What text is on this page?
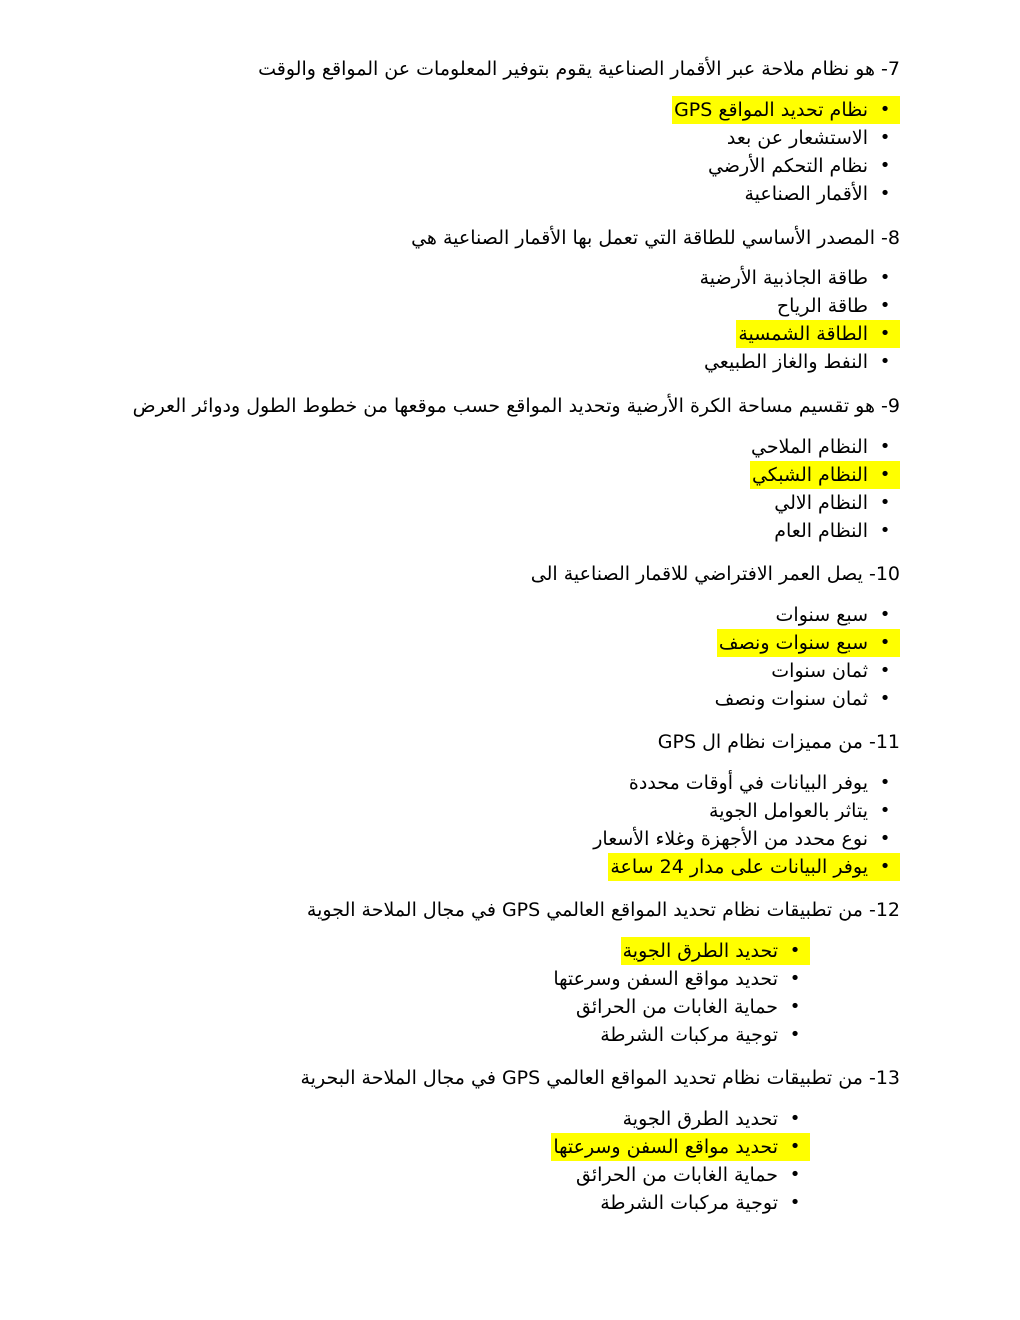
7- هو نظام ملاحة عبر الأقمار الصناعية يقوم بتوفير المعلومات عن المواقع والوقت
•
نظام تحديد المواقع GPS
•
الاستشعار عن بعد
•
نظام التحكم الأرضي
•
الأقمار الصناعية
8- المصدر الأساسي للطاقة التي تعمل بها الأقمار الصناعية هي
•
طاقة الجاذبية الأرضية
•
طاقة الرياح
•
الطاقة الشمسية
•
النفط والغاز الطبيعي
9- هو تقسيم مساحة الكرة الأرضية وتحديد المواقع حسب موقعها من خطوط الطول ودوائر العرض
•
النظام الملاحي
•
النظام الشبكي
•
النظام الالي
•
النظام العام
10- يصل العمر الافتراضي للاقمار الصناعية الى
•
سبع سنوات
•
سبع سنوات ونصف
•
ثمان سنوات
•
ثمان سنوات ونصف
11- من مميزات نظام ال GPS
•
يوفر البيانات في أوقات محددة
•
يتاثر بالعوامل الجوية
•
نوع محدد من الأجهزة وغلاء الأسعار
•
يوفر البيانات على مدار 24 ساعة
12- من تطبيقات نظام تحديد المواقع العالمي GPS في مجال الملاحة الجوية
•
تحديد الطرق الجوية
•
تحديد مواقع السفن وسرعتها
•
حماية الغابات من الحرائق
•
توجية مركبات الشرطة
13- من تطبيقات نظام تحديد المواقع العالمي GPS في مجال الملاحة البحرية
•
تحديد الطرق الجوية
•
تحديد مواقع السفن وسرعتها
•
حماية الغابات من الحرائق
•
توجية مركبات الشرطة
